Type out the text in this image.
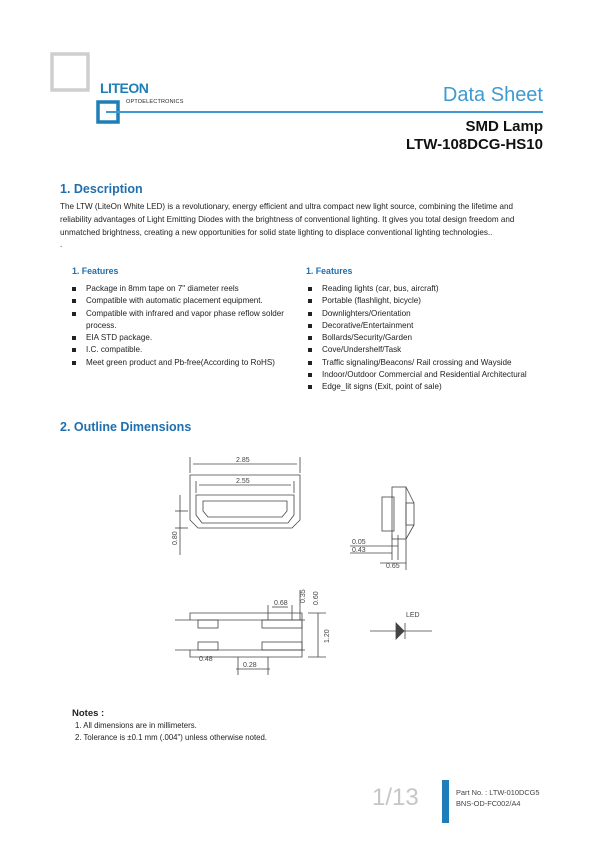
LITEON
OPTOELECTRONICS	Data Sheet
SMD Lamp
LTW-108DCG-HS10
1. Description
The LTW (LiteOn White LED) is a revolutionary, energy efficient and ultra compact new light source, combining the lifetime and reliability advantages of Light Emitting Diodes with the brightness of conventional lighting. It gives you total design freedom and unmatched brightness, creating a new opportunities for solid state lighting to displace conventional lighting technologies..
.
1. Features
Package in 8mm tape on 7" diameter reels
Compatible with automatic placement equipment.
Compatible with infrared and vapor phase reflow solder process.
EIA STD package.
I.C. compatible.
Meet green product and Pb-free(According to RoHS)
1. Features
Reading lights (car, bus, aircraft)
Portable (flashlight, bicycle)
Downlighters/Orientation
Decorative/Entertainment
Bollards/Security/Garden
Cove/Undershelf/Task
Traffic signaling/Beacons/ Rail crossing and Wayside
Indoor/Outdoor Commercial and Residential Architectural
Edge_lit signs (Exit, point of sale)
2. Outline Dimensions
2.85
2.55
0.80	0.05
0.43
0.65
0.68
0.35 0.60
1.20
0.28
0.48
LED
Notes :
1. All dimensions are in millimeters.
2. Tolerance is ±0.1 mm (.004") unless otherwise noted.
1/13	Part No. : LTW-010DCG5
BNS-OD-FC002/A4
